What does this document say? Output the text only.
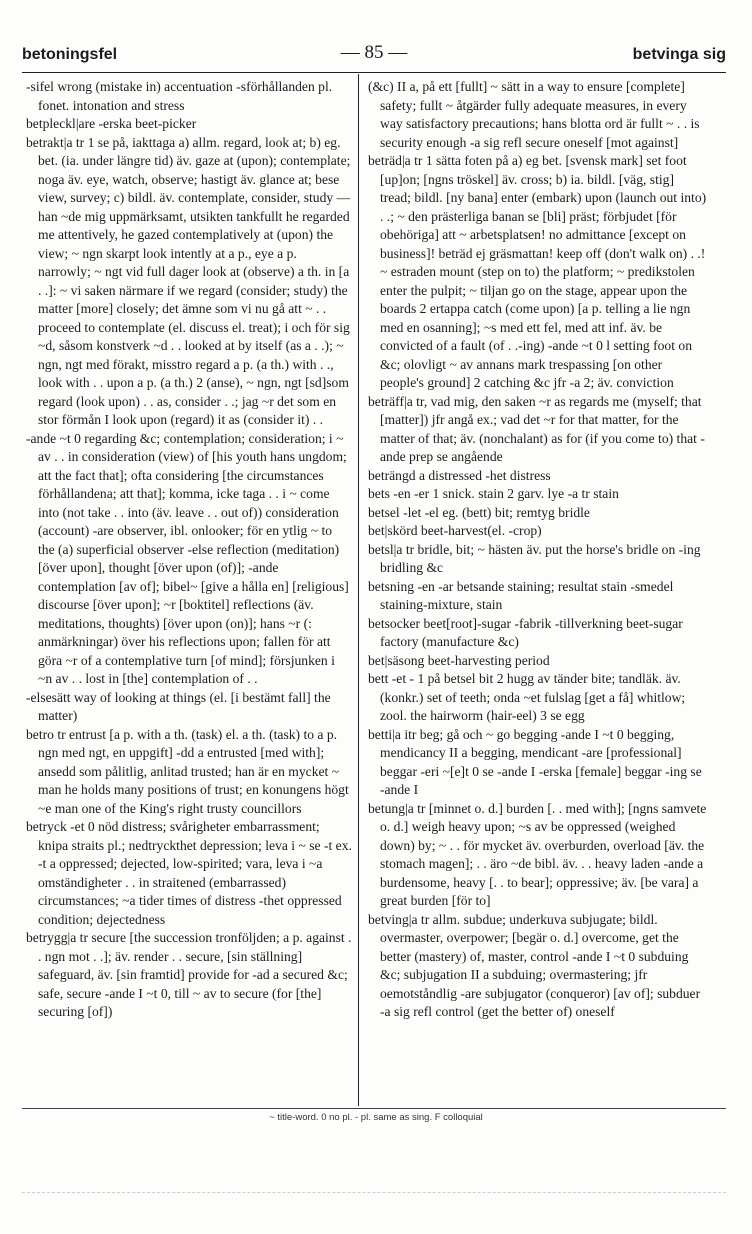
betoningsfel	— 85 —	betvinga sig

-sifel wrong (mistake in) accentuation -sförhållanden pl. fonet. intonation and stress

betpleckl|are -erska beet-picker

betrakt|a tr 1 se på, iakttaga a) allm. regard, look at; b) eg. bet. (ia. under längre tid) äv. gaze at (upon); contemplate; noga äv. eye, watch, observe; hastigt äv. glance at; bese view, survey; c) bildl. äv. contemplate, consider, study — han ~de mig uppmärksamt, utsikten tankfullt he regarded me attentively, he gazed contemplatively at (upon) the view; ~ ngn skarpt look intently at a p., eye a p. narrowly; ~ ngt vid full dager look at (observe) a th. in [a . .]: ~ vi saken närmare if we regard (consider; study) the matter [more] closely; det ämne som vi nu gå att ~ . . proceed to contemplate (el. discuss el. treat); i och för sig ~d, såsom konstverk ~d . . looked at by itself (as a . .); ~ ngn, ngt med förakt, misstro regard a p. (a th.) with . ., look with . . upon a p. (a th.) 2 (anse), ~ ngn, ngt [sd]som regard (look upon) . . as, consider . .; jag ~r det som en stor förmån I look upon (regard) it as (consider it) . .

-ande ~t 0 regarding &c; contemplation; consideration; i ~ av . . in consideration (view) of [his youth hans ungdom; att the fact that]; ofta considering [the circumstances förhållandena; att that]; komma, icke taga . . i ~ come into (not take . . into (äv. leave . . out of)) consideration (account) -are observer, ibl. onlooker; för en ytlig ~ to the (a) superficial observer -else reflection (meditation) [över upon], thought [över upon (of)]; -ande contemplation [av of]; bibel~ [give a hålla en] [religious] discourse [över upon]; ~r [boktitel] reflections (äv. meditations, thoughts) [över upon (on)]; hans ~r (: anmärkningar) över his reflections upon; fallen för att göra ~r of a contemplative turn [of mind]; försjunken i ~n av . . lost in [the] contemplation of . .

-elsesätt way of looking at things (el. [i bestämt fall] the matter)

betro tr entrust [a p. with a th. (task) el. a th. (task) to a p. ngn med ngt, en uppgift] -dd a entrusted [med with]; ansedd som pålitlig, anlitad trusted; han är en mycket ~ man he holds many positions of trust; en konungens högt ~e man one of the King's right trusty councillors

betryck -et 0 nöd distress; svårigheter embarrassment; knipa straits pl.; nedtryckthet depression; leva i ~ se -t ex. -t a oppressed; dejected, low-spirited; vara, leva i ~a omständigheter . . in straitened (embarrassed) circumstances; ~a tider times of distress -thet oppressed condition; dejectedness

betrygg|a tr secure [the succession tronföljden; a p. against . . ngn mot . .]; äv. render . . secure, [sin ställning] safeguard, äv. [sin framtid] provide for -ad a secured &c; safe, secure -ande I ~t 0, till ~ av to secure (for [the] securing [of])

(&c) II a, på ett [fullt] ~ sätt in a way to ensure [complete] safety; fullt ~ åtgärder fully adequate measures, in every way satisfactory precautions; hans blotta ord är fullt ~ . . is security enough -a sig refl secure oneself [mot against]

beträd|a tr 1 sätta foten på a) eg bet. [svensk mark] set foot [up]on; [ngns tröskel] äv. cross; b) ia. bildl. [väg, stig] tread; bildl. [ny bana] enter (embark) upon (launch out into) . .; ~ den prästerliga banan se [bli] präst; förbjudet [för obehöriga] att ~ arbetsplatsen! no admittance [except on business]! beträd ej gräsmattan! keep off (don't walk on) . .! ~ estraden mount (step on to) the platform; ~ predikstolen enter the pulpit; ~ tiljan go on the stage, appear upon the boards 2 ertappa catch (come upon) [a p. telling a lie ngn med en osanning]; ~s med ett fel, med att inf. äv. be convicted of a fault (of . .-ing) -ande ~t 0 l setting foot on &c; olovligt ~ av annans mark trespassing [on other people's ground] 2 catching &c jfr -a 2; äv. conviction

beträff|a tr, vad mig, den saken ~r as regards me (myself; that [matter]) jfr angå ex.; vad det ~r for that matter, for the matter of that; äv. (nonchalant) as for (if you come to) that -ande prep se angående

beträngd a distressed -het distress

bets -en -er 1 snick. stain 2 garv. lye -a tr stain

betsel -let -el eg. (bett) bit; remtyg bridle

bet|skörd beet-harvest(el. -crop)

betsl|a tr bridle, bit; ~ hästen äv. put the horse's bridle on -ing bridling &c

betsning -en -ar betsande staining; resultat stain -smedel staining-mixture, stain

betsocker beet[root]-sugar -fabrik -tillverkning beet-sugar factory (manufacture &c)

bet|säsong beet-harvesting period

bett -et - 1 på betsel bit 2 hugg av tänder bite; tandläk. äv. (konkr.) set of teeth; onda ~et fulslag [get a få] whitlow; zool. the hairworm (hair-eel) 3 se egg

betti|a itr beg; gå och ~ go begging -ande I ~t 0 begging, mendicancy II a begging, mendicant -are [professional] beggar -eri ~[e]t 0 se -ande I -erska [female] beggar -ing se -ande I

betung|a tr [minnet o. d.] burden [. . med with]; [ngns samvete o. d.] weigh heavy upon; ~s av be oppressed (weighed down) by; ~ . . för mycket äv. overburden, overload [äv. the stomach magen]; . . äro ~de bibl. äv. . . heavy laden -ande a burdensome, heavy [. . to bear]; oppressive; äv. [be vara] a great burden [för to]

betving|a tr allm. subdue; underkuva subjugate; bildl. overmaster, overpower; [begär o. d.] overcome, get the better (mastery) of, master, control -ande I ~t 0 subduing &c; subjugation II a subduing; overmastering; jfr oemotståndlig -are subjugator (conqueror) [av of]; subduer -a sig refl control (get the better of) oneself

~ title-word. 0 no pl. - pl. same as sing. F colloquial
